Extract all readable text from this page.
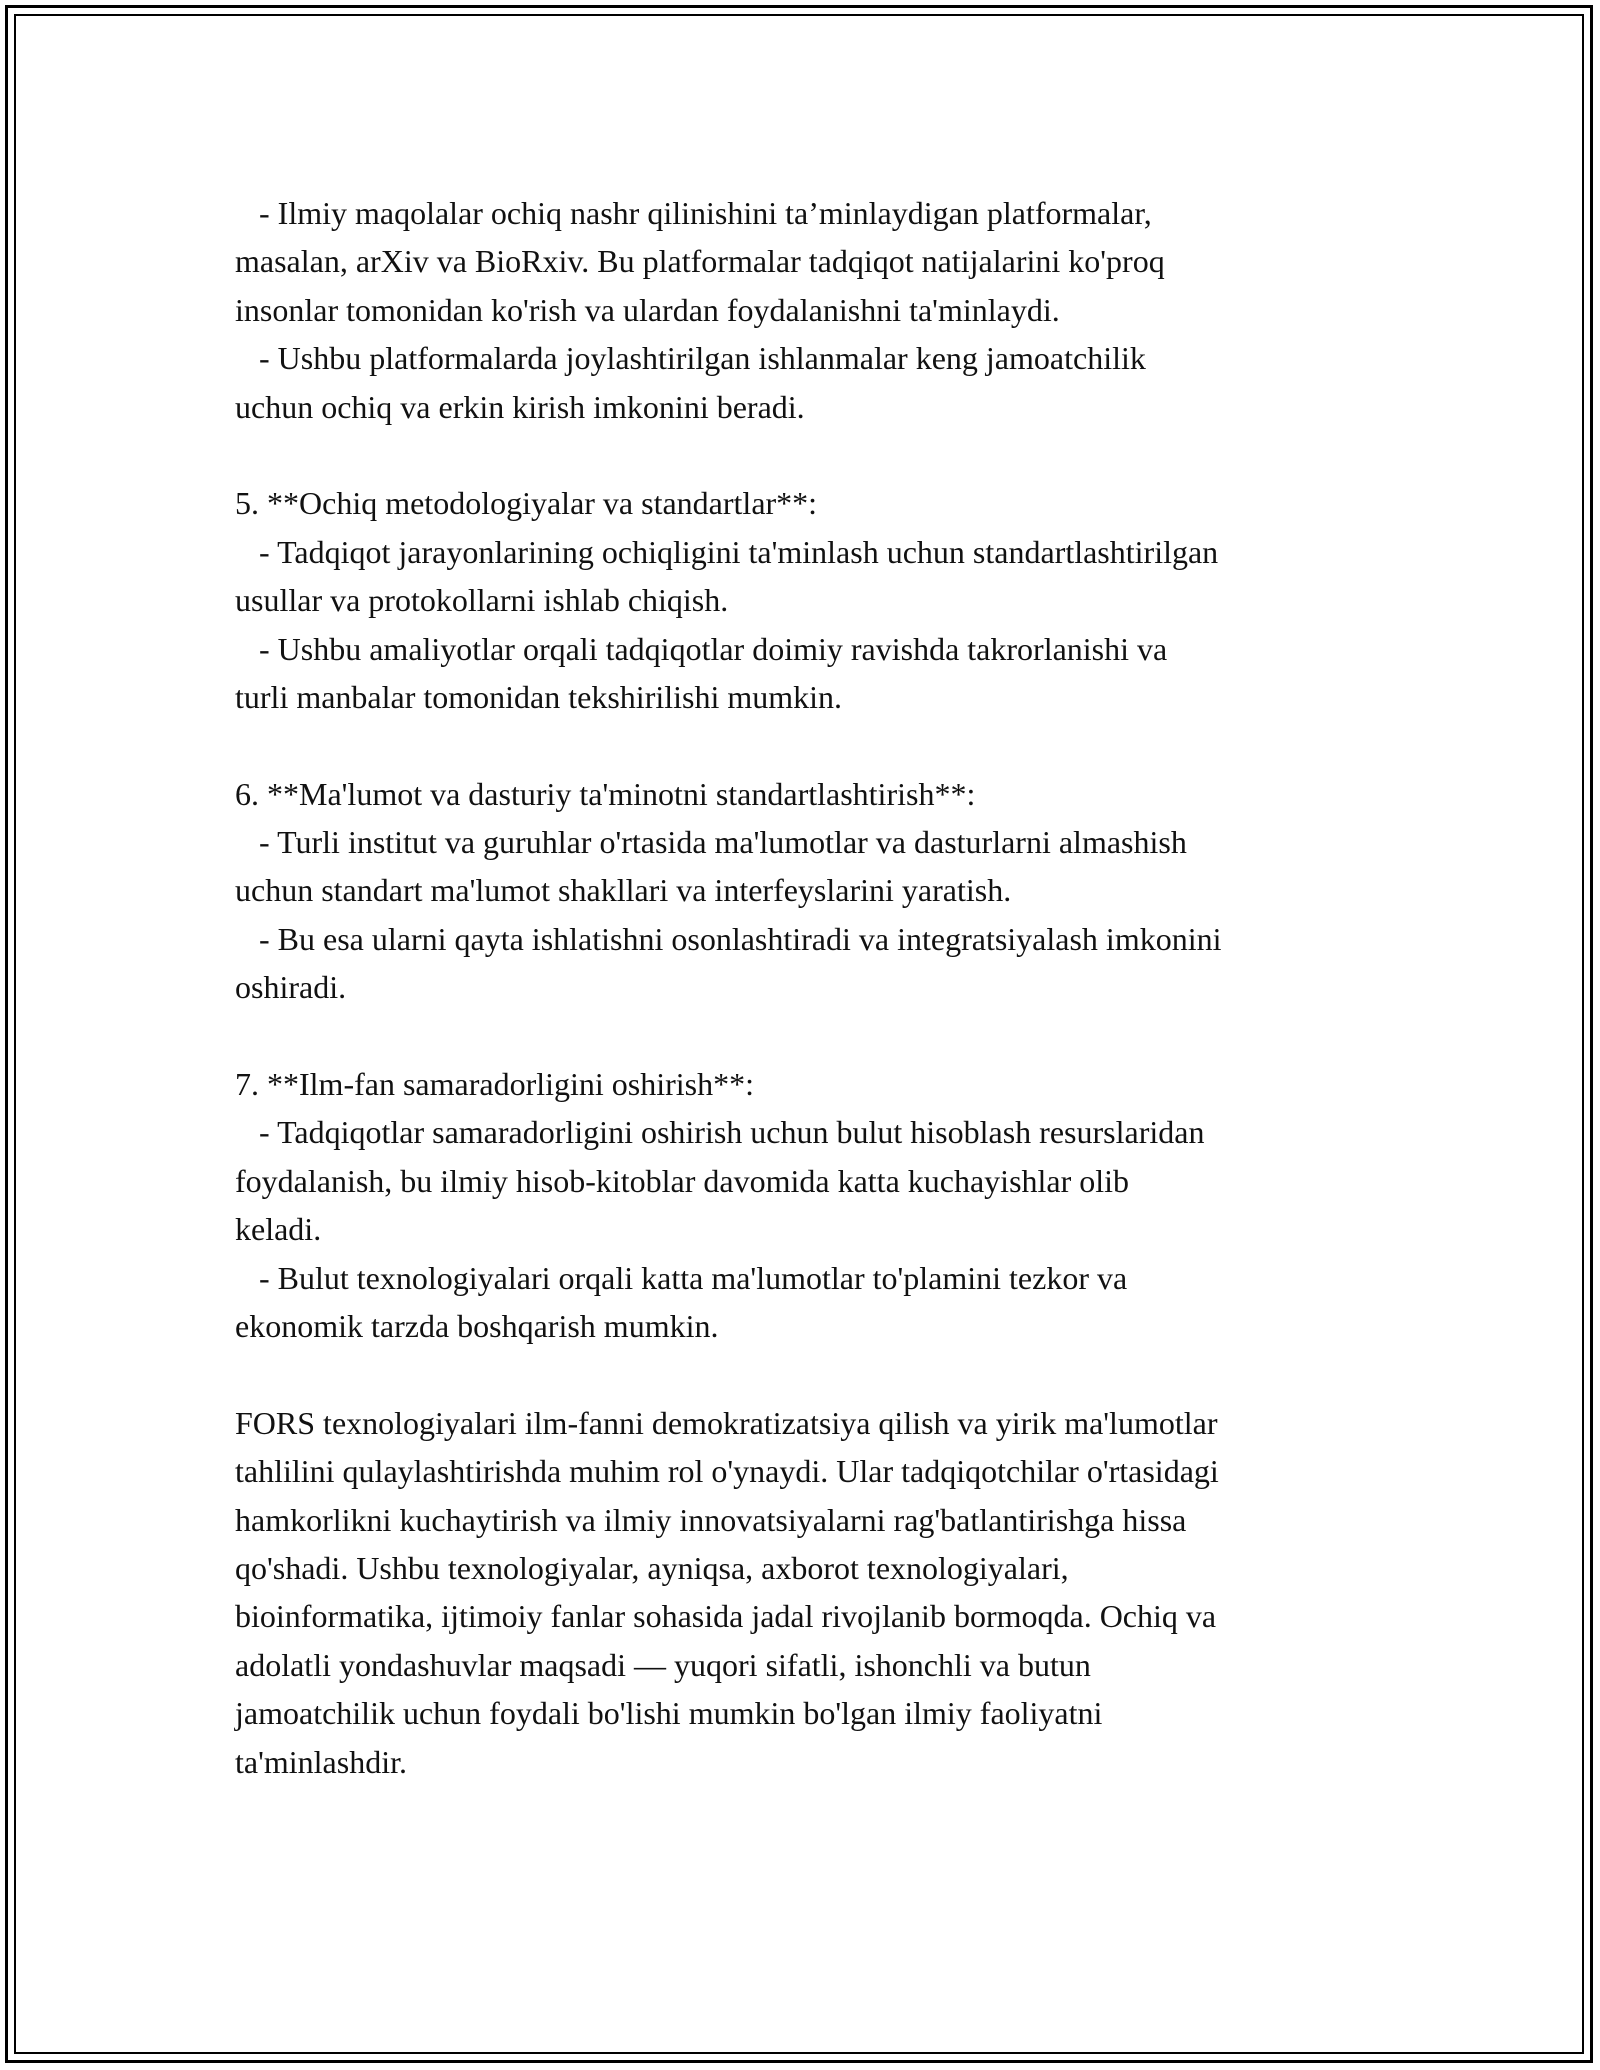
- Ilmiy maqolalar ochiq nashr qilinishini ta’minlaydigan platformalar,
masalan, arXiv va BioRxiv. Bu platformalar tadqiqot natijalarini ko'proq
insonlar tomonidan ko'rish va ulardan foydalanishni ta'minlaydi.
- Ushbu platformalarda joylashtirilgan ishlanmalar keng jamoatchilik
uchun ochiq va erkin kirish imkonini beradi.
5. **Ochiq metodologiyalar va standartlar**:
- Tadqiqot jarayonlarining ochiqligini ta'minlash uchun standartlashtirilgan
usullar va protokollarni ishlab chiqish.
- Ushbu amaliyotlar orqali tadqiqotlar doimiy ravishda takrorlanishi va
turli manbalar tomonidan tekshirilishi mumkin.
6. **Ma'lumot va dasturiy ta'minotni standartlashtirish**:
- Turli institut va guruhlar o'rtasida ma'lumotlar va dasturlarni almashish
uchun standart ma'lumot shakllari va interfeyslarini yaratish.
- Bu esa ularni qayta ishlatishni osonlashtiradi va integratsiyalash imkonini
oshiradi.
7. **Ilm-fan samaradorligini oshirish**:
- Tadqiqotlar samaradorligini oshirish uchun bulut hisoblash resurslaridan
foydalanish, bu ilmiy hisob-kitoblar davomida katta kuchayishlar olib
keladi.
- Bulut texnologiyalari orqali katta ma'lumotlar to'plamini tezkor va
ekonomik tarzda boshqarish mumkin.
FORS texnologiyalari ilm-fanni demokratizatsiya qilish va yirik ma'lumotlar
tahlilini qulaylashtirishda muhim rol o'ynaydi. Ular tadqiqotchilar o'rtasidagi
hamkorlikni kuchaytirish va ilmiy innovatsiyalarni rag'batlantirishga hissa
qo'shadi. Ushbu texnologiyalar, ayniqsa, axborot texnologiyalari,
bioinformatika, ijtimoiy fanlar sohasida jadal rivojlanib bormoqda. Ochiq va
adolatli yondashuvlar maqsadi — yuqori sifatli, ishonchli va butun
jamoatchilik uchun foydali bo'lishi mumkin bo'lgan ilmiy faoliyatni
ta'minlashdir.
